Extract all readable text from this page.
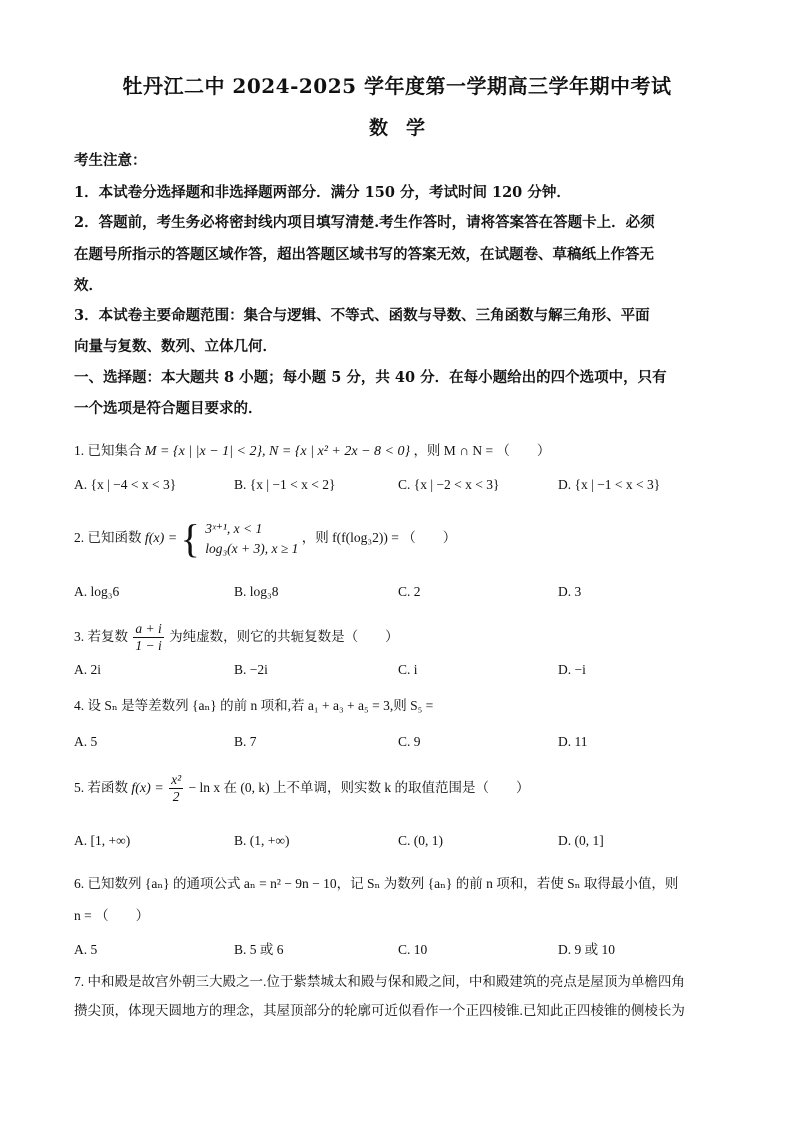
牡丹江二中 2024-2025 学年度第一学期高三学年期中考试
数学
考生注意：
1．本试卷分选择题和非选择题两部分．满分 150 分，考试时间 120 分钟．
2．答题前，考生务必将密封线内项目填写清楚.考生作答时，请将答案答在答题卡上．必须
在题号所指示的答题区域作答，超出答题区域书写的答案无效，在试题卷、草稿纸上作答无
效．
3．本试卷主要命题范围：集合与逻辑、不等式、函数与导数、三角函数与解三角形、平面
向量与复数、数列、立体几何．
一、选择题：本大题共 8 小题；每小题 5 分，共 40 分．在每小题给出的四个选项中，只有
一个选项是符合题目要求的．
1. 已知集合 M = {x | |x − 1| < 2}, N = {x | x² + 2x − 8 < 0} ，则 M ∩ N = （　　）
A. {x | −4 < x < 3}	B. {x | −1 < x < 2}	C. {x | −2 < x < 3}	D. {x | −1 < x < 3}
2. 已知函数 f(x) = { 3ˣ⁺¹, x < 1
log₃(x + 3), x ≥ 1
，则 f(f(log₃2)) = （　　）
A. log₃6	B. log₃8	C. 2	D. 3
3. 若复数 $\frac{a + i}{1 - i}$ 为纯虚数，则它的共轭复数是（　　）
A. 2i	B. −2i	C. i	D. −i
4. 设 Sₙ 是等差数列 {aₙ} 的前 n 项和,若 a₁ + a₃ + a₅ = 3,则 S₅ =
A. 5	B. 7	C. 9	D. 11
5. 若函数 $f(x) = \frac{\text{x²}}{2} - \ln x$ 在 (0, k) 上不单调，则实数 k 的取值范围是（　　）
A. [1, +∞)	B. (1, +∞)	C. (0, 1)	D. (0, 1]
6. 已知数列 {aₙ} 的通项公式 aₙ = n² − 9n − 10，记 Sₙ 为数列 {aₙ} 的前 n 项和，若使 Sₙ 取得最小值，则
n = （　　）
A. 5	B. 5 或 6	C. 10	D. 9 或 10
7. 中和殿是故宫外朝三大殿之一.位于紫禁城太和殿与保和殿之间，中和殿建筑的亮点是屋顶为单檐四角
攒尖顶，体现天圆地方的理念，其屋顶部分的轮廓可近似看作一个正四棱锥.已知此正四棱锥的侧棱长为
